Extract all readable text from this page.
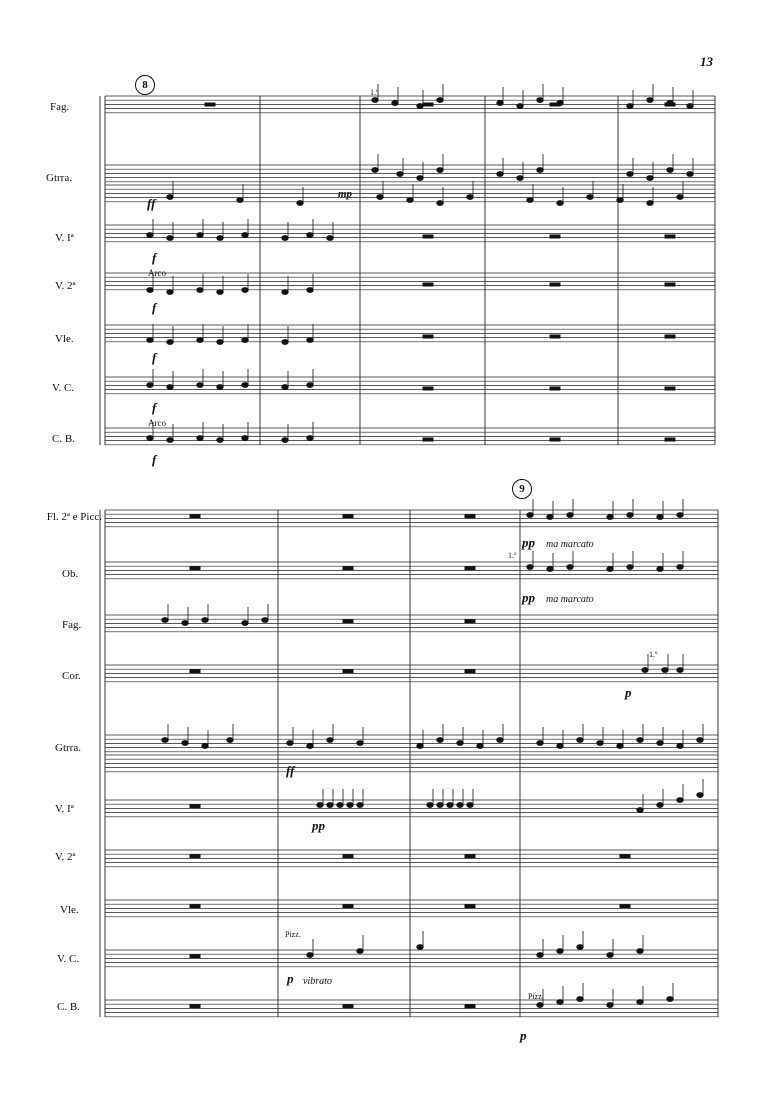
13
Fag.
Gtrra.
V. Iª
V. 2ª
Vle.
V. C.
C. B.
8
1.º
ff
mp
f
Arco
f
f
f
Arco
f
Fl. 2ª e Picc.
Ob.
Fag.
Cor.
Gtrra.
V. Iª
V. 2ª
Vle.
V. C.
C. B.
9
pp ma marcato
1.º
pp ma marcato
1.º
p
ff
pp
Pizz.
p vibrato
Pizz.
p
